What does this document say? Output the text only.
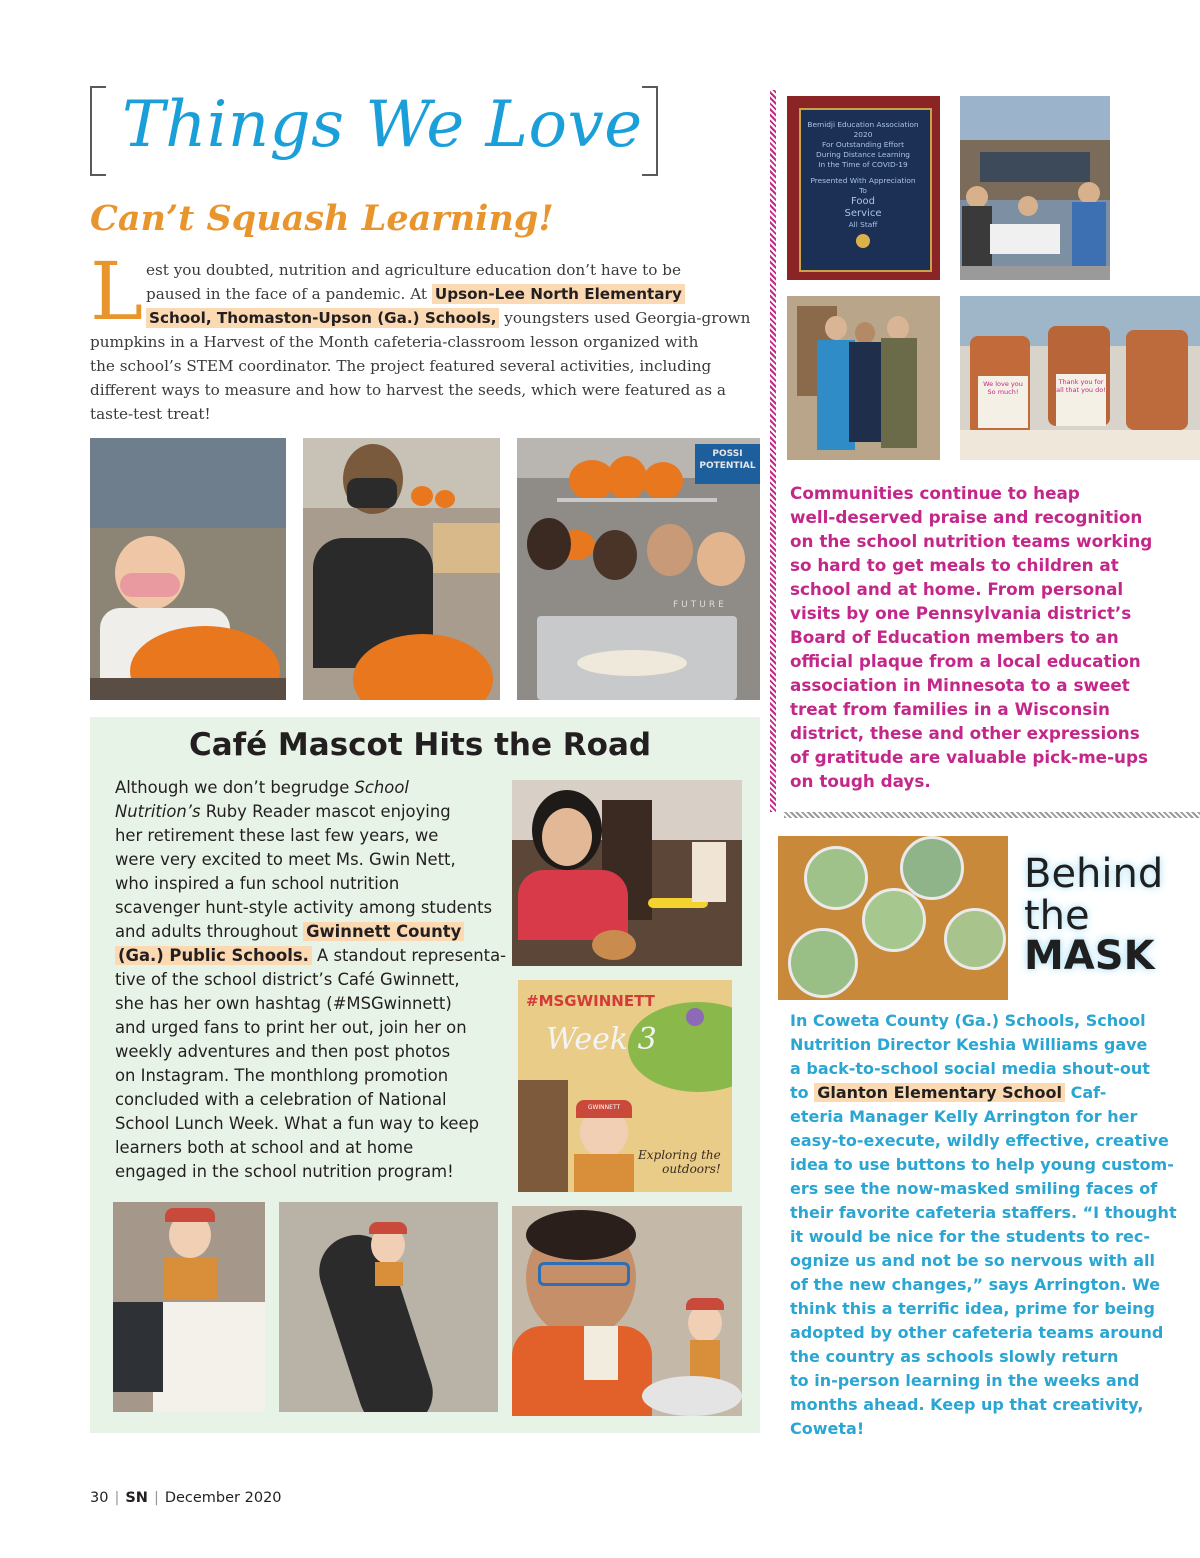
Things We Love
Can’t Squash Learning!
L est you doubted, nutrition and agriculture education don’t have to be
paused in the face of a pandemic. At Upson-Lee North Elementary
School, Thomaston-Upson (Ga.) Schools, youngsters used Georgia-grown
pumpkins in a Harvest of the Month cafeteria-classroom lesson organized with
the school’s STEM coordinator. The project featured several activities, including
different ways to measure and how to harvest the seeds, which were featured as a
taste-test treat!
POSSI POTENTIAL
FUTURE
Café Mascot Hits the Road
Although we don’t begrudge School
Nutrition’s Ruby Reader mascot enjoying
her retirement these last few years, we
were very excited to meet Ms. Gwin Nett,
who inspired a fun school nutrition
scavenger hunt-style activity among students
and adults throughout Gwinnett County
(Ga.) Public Schools. A standout representa-
tive of the school district’s Café Gwinnett,
she has her own hashtag (#MSGwinnett)
and urged fans to print her out, join her on
weekly adventures and then post photos
on Instagram. The monthlong promotion
concluded with a celebration of National
School Lunch Week. What a fun way to keep
learners both at school and at home
engaged in the school nutrition program!
#MSGWINNETT
Week 3
GWINNETT
Exploring the
outdoors!
Bemidji Education Association
2020
For Outstanding Effort
During Distance Learning
In the Time of COVID-19
Presented With Appreciation
To
Food
Service
All Staff
We love you
So much!
Thank you for all that you do!
Communities continue to heap
well-deserved praise and recognition
on the school nutrition teams working
so hard to get meals to children at
school and at home. From personal
visits by one Pennsylvania district’s
Board of Education members to an
official plaque from a local education
association in Minnesota to a sweet
treat from families in a Wisconsin
district, these and other expressions
of gratitude are valuable pick-me-ups
on tough days.
Behind
the
MASK
In Coweta County (Ga.) Schools, School
Nutrition Director Keshia Williams gave
a back-to-school social media shout-out
to Glanton Elementary School Caf-
eteria Manager Kelly Arrington for her
easy-to-execute, wildly effective, creative
idea to use buttons to help young custom-
ers see the now-masked smiling faces of
their favorite cafeteria staffers. “I thought
it would be nice for the students to rec-
ognize us and not be so nervous with all
of the new changes,” says Arrington. We
think this a terrific idea, prime for being
adopted by other cafeteria teams around
the country as schools slowly return
to in-person learning in the weeks and
months ahead. Keep up that creativity,
Coweta!
30 | SN | December 2020
